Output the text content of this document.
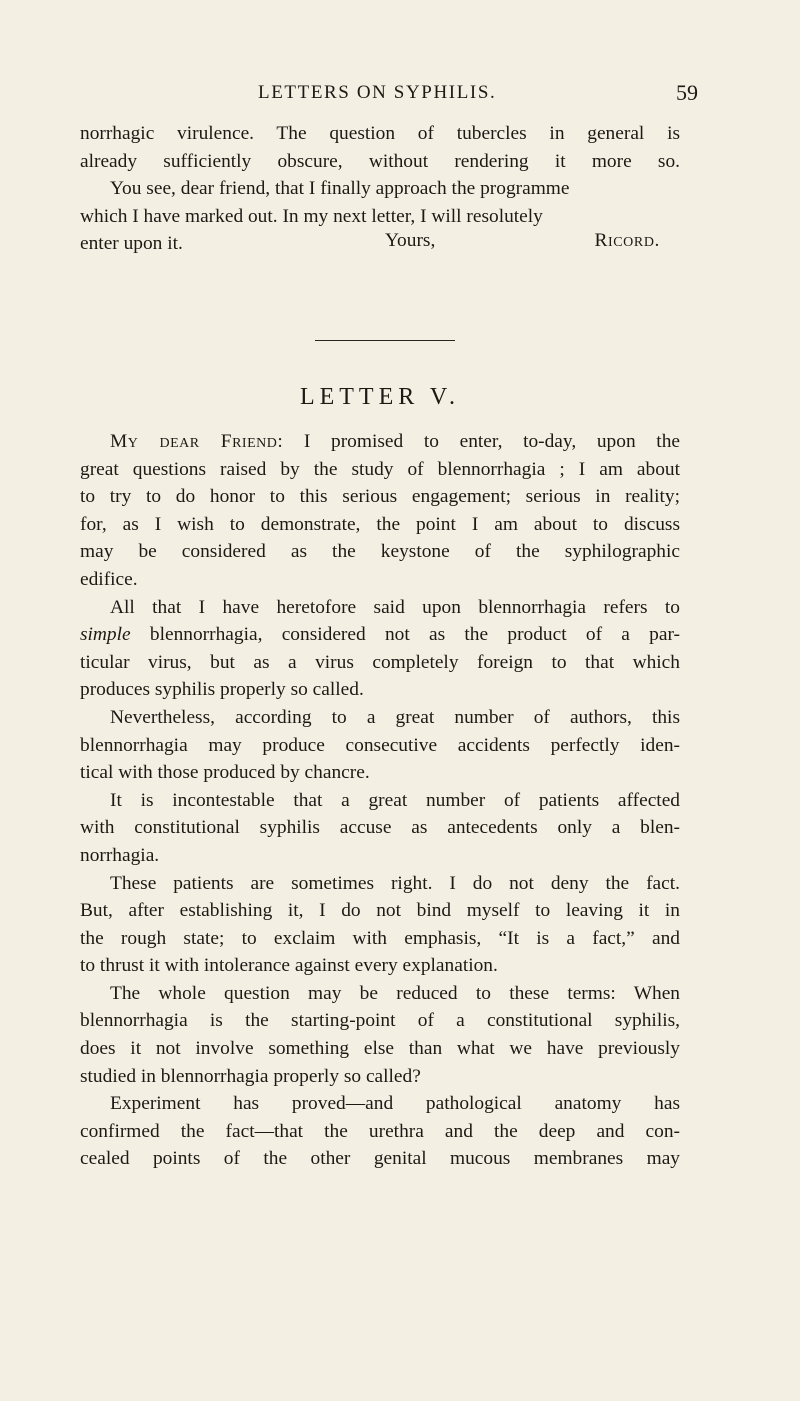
LETTERS ON SYPHILIS.	59

norrhagic virulence. The question of tubercles in general is
already sufficiently obscure, without rendering it more so.

You see, dear friend, that I finally approach the programme
which I have marked out. In my next letter, I will resolutely
enter upon it.	Yours,	Ricord.
LETTER V.

My dear Friend: I promised to enter, to-day, upon the
great questions raised by the study of blennorrhagia ; I am about
to try to do honor to this serious engagement; serious in reality;
for, as I wish to demonstrate, the point I am about to discuss
may be considered as the keystone of the syphilographic

edifice.

All that I have heretofore said upon blennorrhagia refers to
simple blennorrhagia, considered not as the product of a par-
ticular virus, but as a virus completely foreign to that which

produces syphilis properly so called.

Nevertheless, according to a great number of authors, this
blennorrhagia may produce consecutive accidents perfectly iden-

tical with those produced by chancre.

It is incontestable that a great number of patients affected
with constitutional syphilis accuse as antecedents only a blen-

norrhagia.

These patients are sometimes right. I do not deny the fact.
But, after establishing it, I do not bind myself to leaving it in
the rough state; to exclaim with emphasis, “It is a fact,” and

to thrust it with intolerance against every explanation.

The whole question may be reduced to these terms: When
blennorrhagia is the starting-point of a constitutional syphilis,
does it not involve something else than what we have previously

studied in blennorrhagia properly so called?

Experiment has proved—and pathological anatomy has
confirmed the fact—that the urethra and the deep and con-
cealed points of the other genital mucous membranes may
